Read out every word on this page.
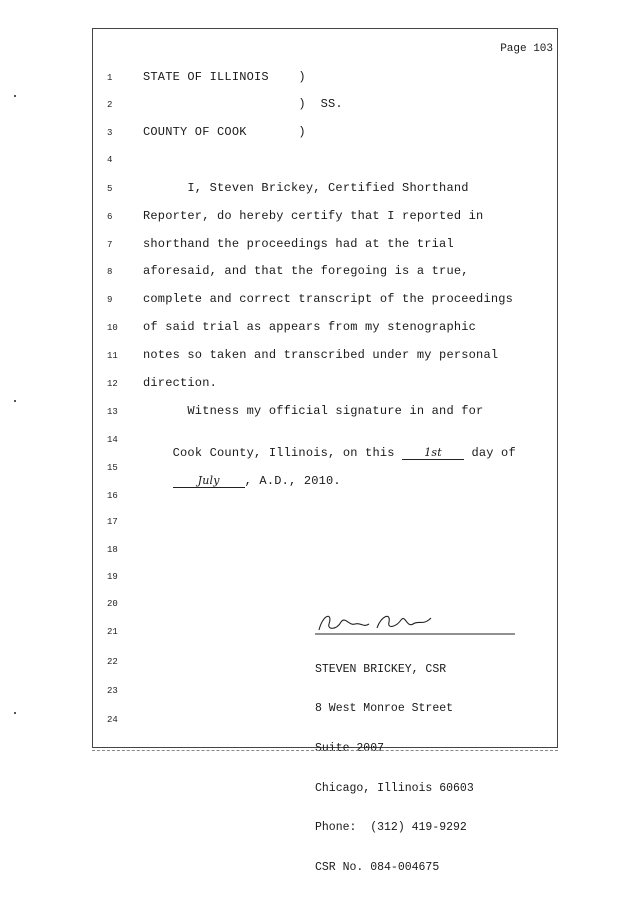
Page 103
1	STATE OF ILLINOIS    )
2	)  SS.
3	COUNTY OF COOK       )
4
5	I, Steven Brickey, Certified Shorthand
6	Reporter, do hereby certify that I reported in
7	shorthand the proceedings had at the trial
8	aforesaid, and that the foregoing is a true,
9	complete and correct transcript of the proceedings
10	of said trial as appears from my stenographic
11	notes so taken and transcribed under my personal
12	direction.
13	Witness my official signature in and for
14
15
16
17
18
19
20
21
22
23
24

Cook County, Illinois, on this 1st day of

July , A.D., 2010.

STEVEN BRICKEY, CSR

8 West Monroe Street

Suite 2007

Chicago, Illinois 60603

Phone:  (312) 419-9292

CSR No. 084-004675
